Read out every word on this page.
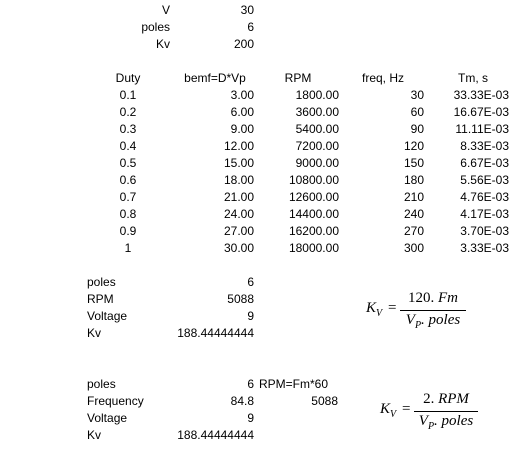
V	30
poles	6
Kv	200
Duty	bemf=D*Vp	RPM	freq, Hz	Tm, s
0.1	3.00	1800.00	30	33.33E-03
0.2	6.00	3600.00	60	16.67E-03
0.3	9.00	5400.00	90	11.11E-03
0.4	12.00	7200.00	120	8.33E-03
0.5	15.00	9000.00	150	6.67E-03
0.6	18.00	10800.00	180	5.56E-03
0.7	21.00	12600.00	210	4.76E-03
0.8	24.00	14400.00	240	4.17E-03
0.9	27.00	16200.00	270	3.70E-03
1	30.00	18000.00	300	3.33E-03
poles	6
RPM	5088
Voltage	9
Kv	188.44444444
$K_V$ =
120. Fm
$V_P$. poles
poles	6 RPM=Fm*60
Frequency	84.8	5088
Voltage	9
Kv	188.44444444
$K_V$ =
2. RPM
$V_P$. poles
